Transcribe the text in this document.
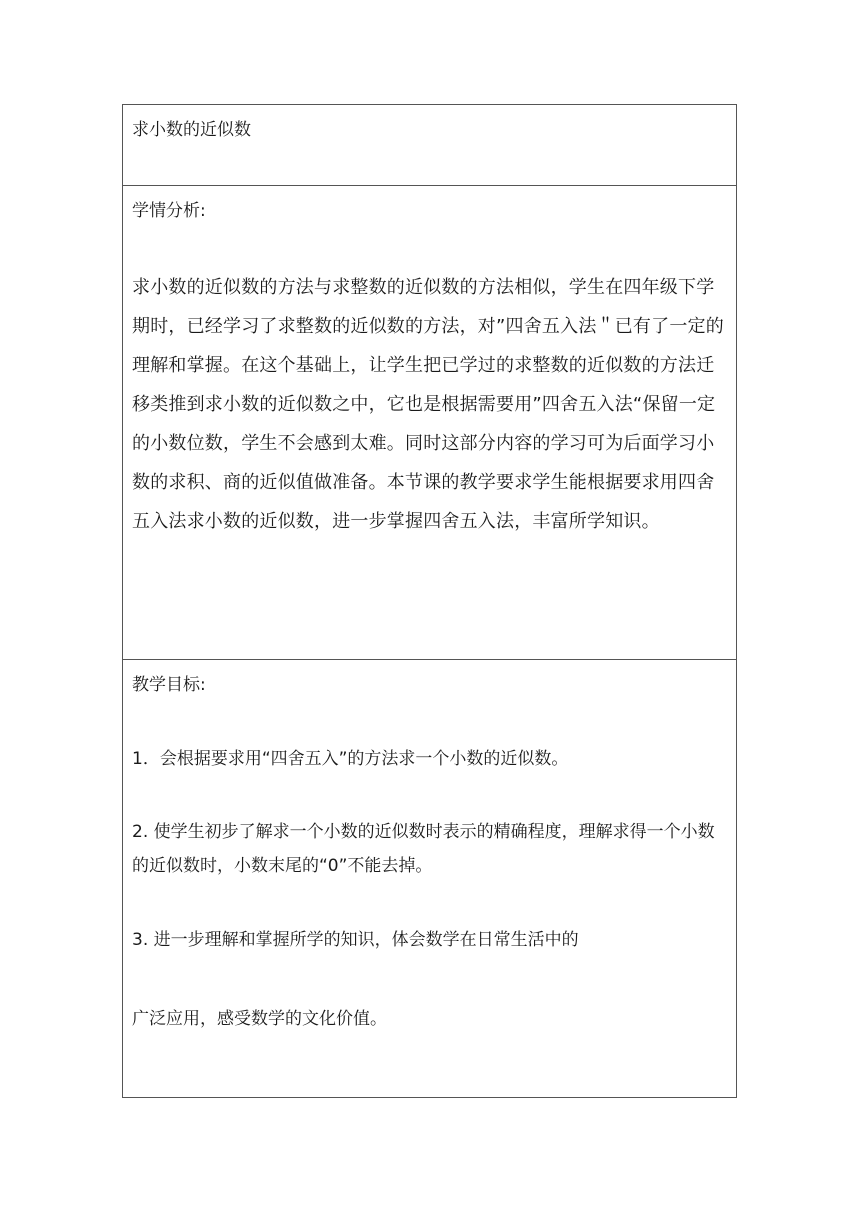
求小数的近似数

学情分析:

求小数的近似数的方法与求整数的近似数的方法相似，学生在四年级下学期时，已经学习了求整数的近似数的方法，对”四舍五入法＂已有了一定的理解和掌握。在这个基础上，让学生把已学过的求整数的近似数的方法迁移类推到求小数的近似数之中，它也是根据需要用”四舍五入法“保留一定的小数位数，学生不会感到太难。同时这部分内容的学习可为后面学习小数的求积、商的近似值做准备。本节课的教学要求学生能根据要求用四舍五入法求小数的近似数，进一步掌握四舍五入法，丰富所学知识。

教学目标:

1．会根据要求用“四舍五入”的方法求一个小数的近似数。

2. 使学生初步了解求一个小数的近似数时表示的精确程度，理解求得一个小数的近似数时，小数末尾的“0”不能去掉。

3. 进一步理解和掌握所学的知识，体会数学在日常生活中的

广泛应用，感受数学的文化价值。
